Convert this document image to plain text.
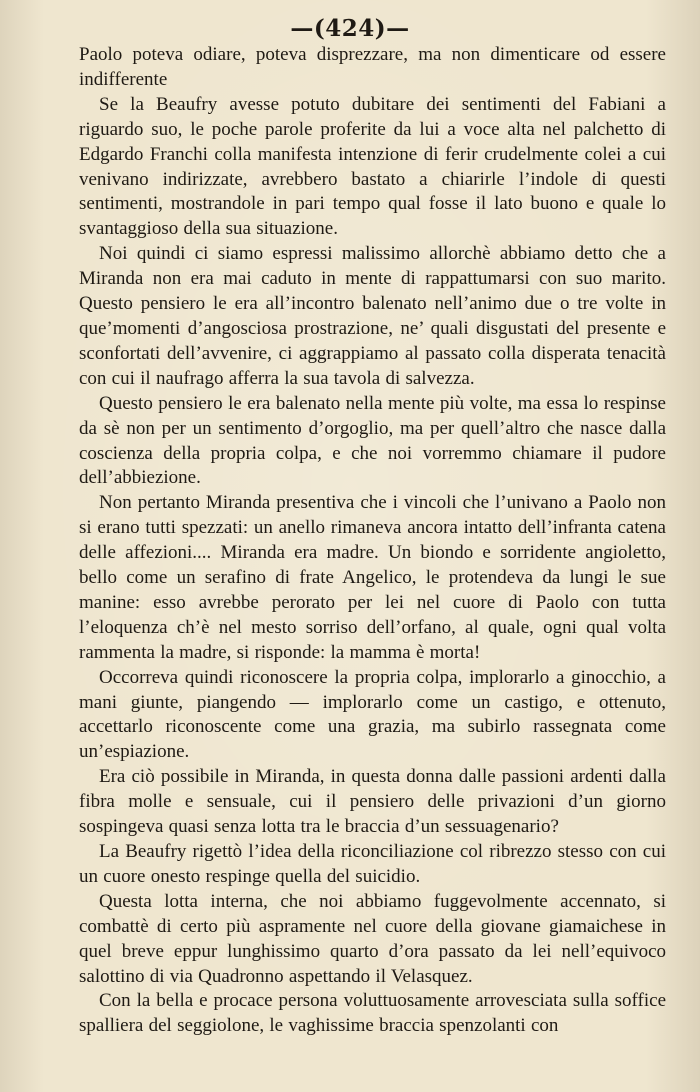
—(424)—

Paolo poteva odiare, poteva disprezzare, ma non dimenticare od essere indifferente

Se la Beaufry avesse potuto dubitare dei sentimenti del Fabiani a riguardo suo, le poche parole proferite da lui a voce alta nel palchetto di Edgardo Franchi colla manifesta intenzione di ferir crudelmente colei a cui venivano indirizzate, avrebbero bastato a chiarirle l’indole di questi sentimenti, mostrandole in pari tempo qual fosse il lato buono e quale lo svantaggioso della sua situazione.

Noi quindi ci siamo espressi malissimo allorchè abbiamo detto che a Miranda non era mai caduto in mente di rappattumarsi con suo marito. Questo pensiero le era all’incontro balenato nell’animo due o tre volte in que’momenti d’angosciosa prostrazione, ne’ quali disgustati del presente e sconfortati dell’avvenire, ci aggrappiamo al passato colla disperata tenacità con cui il naufrago afferra la sua tavola di salvezza.

Questo pensiero le era balenato nella mente più volte, ma essa lo respinse da sè non per un sentimento d’orgoglio, ma per quell’altro che nasce dalla coscienza della propria colpa, e che noi vorremmo chiamare il pudore dell’abbiezione.

Non pertanto Miranda presentiva che i vincoli che l’univano a Paolo non si erano tutti spezzati: un anello rimaneva ancora intatto dell’infranta catena delle affezioni.... Miranda era madre. Un biondo e sorridente angioletto, bello come un serafino di frate Angelico, le protendeva da lungi le sue manine: esso avrebbe perorato per lei nel cuore di Paolo con tutta l’eloquenza ch’è nel mesto sorriso dell’orfano, al quale, ogni qual volta rammenta la madre, si risponde: la mamma è morta!

Occorreva quindi riconoscere la propria colpa, implorarlo a ginocchio, a mani giunte, piangendo — implorarlo come un castigo, e ottenuto, accettarlo riconoscente come una grazia, ma subirlo rassegnata come un’espiazione.

Era ciò possibile in Miranda, in questa donna dalle passioni ardenti dalla fibra molle e sensuale, cui il pensiero delle privazioni d’un giorno sospingeva quasi senza lotta tra le braccia d’un sessuagenario?

La Beaufry rigettò l’idea della riconciliazione col ribrezzo stesso con cui un cuore onesto respinge quella del suicidio.

Questa lotta interna, che noi abbiamo fuggevolmente accennato, si combattè di certo più aspramente nel cuore della giovane giamaichese in quel breve eppur lunghissimo quarto d’ora passato da lei nell’equivoco salottino di via Quadronno aspettando il Velasquez.

Con la bella e procace persona voluttuosamente arrovesciata sulla soffice spalliera del seggiolone, le vaghissime braccia spenzolanti con
